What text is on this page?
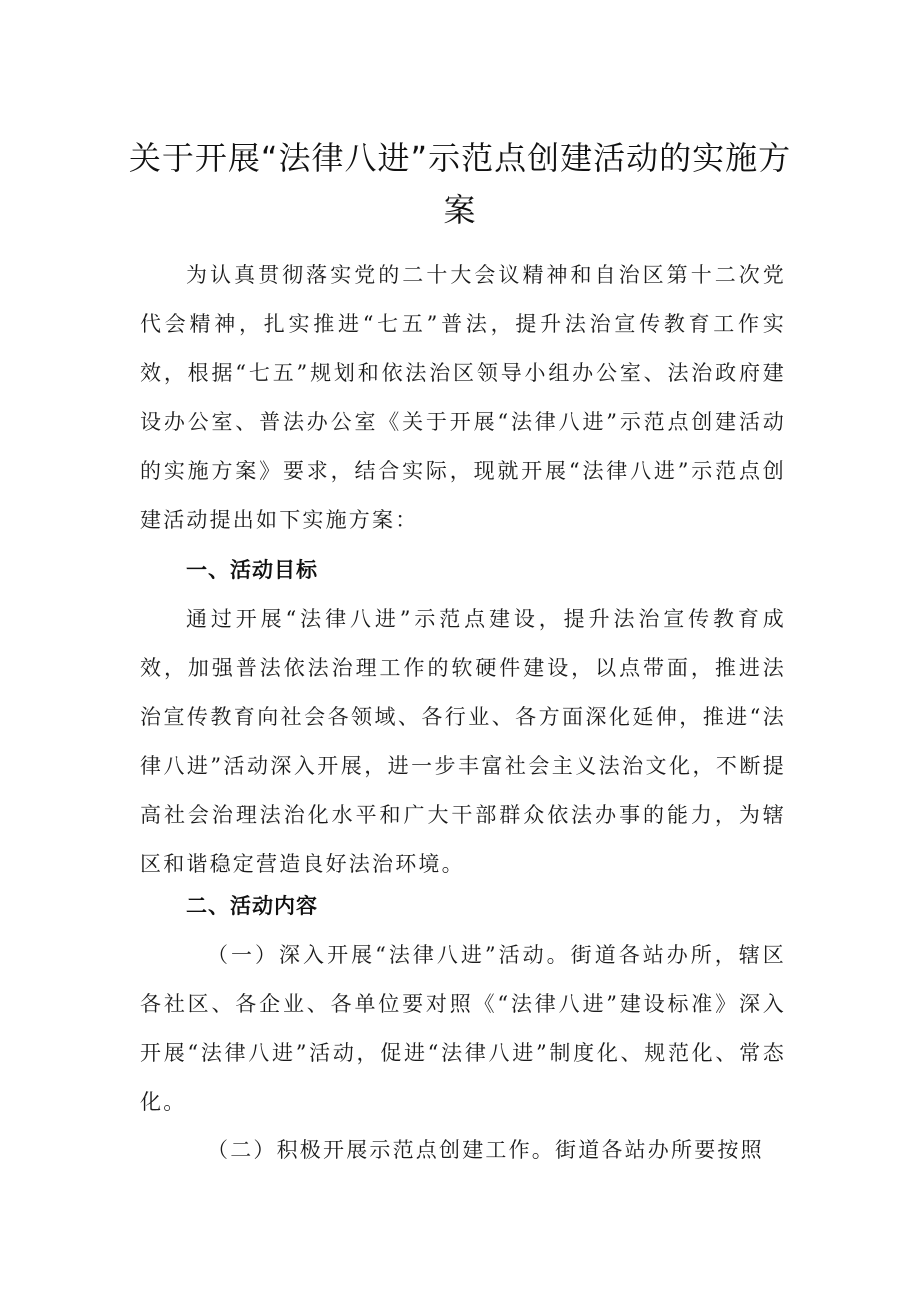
关于开展“法律八进”示范点创建活动的实施方案

为认真贯彻落实党的二十大会议精神和自治区第十二次党代会精神，扎实推进“七五”普法，提升法治宣传教育工作实效，根据“七五”规划和依法治区领导小组办公室、法治政府建设办公室、普法办公室《关于开展“法律八进”示范点创建活动的实施方案》要求，结合实际，现就开展“法律八进”示范点创建活动提出如下实施方案：

一、活动目标

通过开展“法律八进”示范点建设，提升法治宣传教育成效，加强普法依法治理工作的软硬件建设，以点带面，推进法治宣传教育向社会各领域、各行业、各方面深化延伸，推进“法律八进”活动深入开展，进一步丰富社会主义法治文化，不断提高社会治理法治化水平和广大干部群众依法办事的能力，为辖区和谐稳定营造良好法治环境。

二、活动内容

（一）深入开展“法律八进”活动。街道各站办所，辖区各社区、各企业、各单位要对照《“法律八进”建设标准》深入开展“法律八进”活动，促进“法律八进”制度化、规范化、常态化。

（二）积极开展示范点创建工作。街道各站办所要按照
